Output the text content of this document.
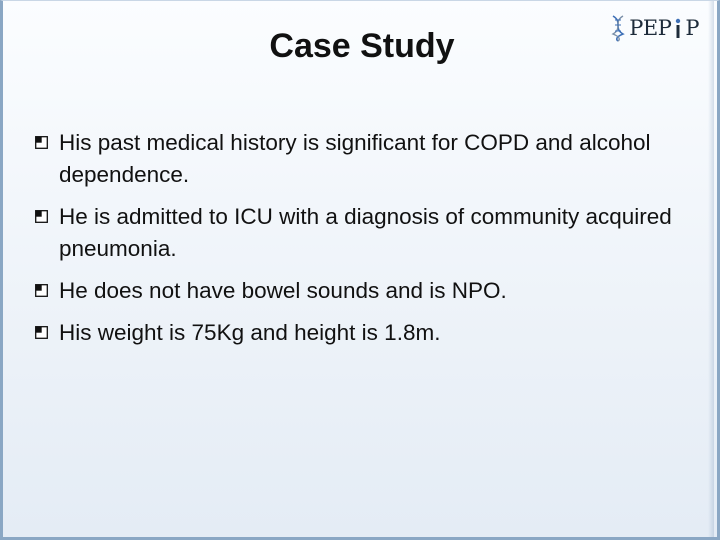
Case Study	PEP P
His past medical history is significant for COPD and alcohol dependence.
He is admitted to ICU with a diagnosis of community acquired pneumonia.
He does not have bowel sounds and is NPO.
His weight is 75Kg and height is 1.8m.
